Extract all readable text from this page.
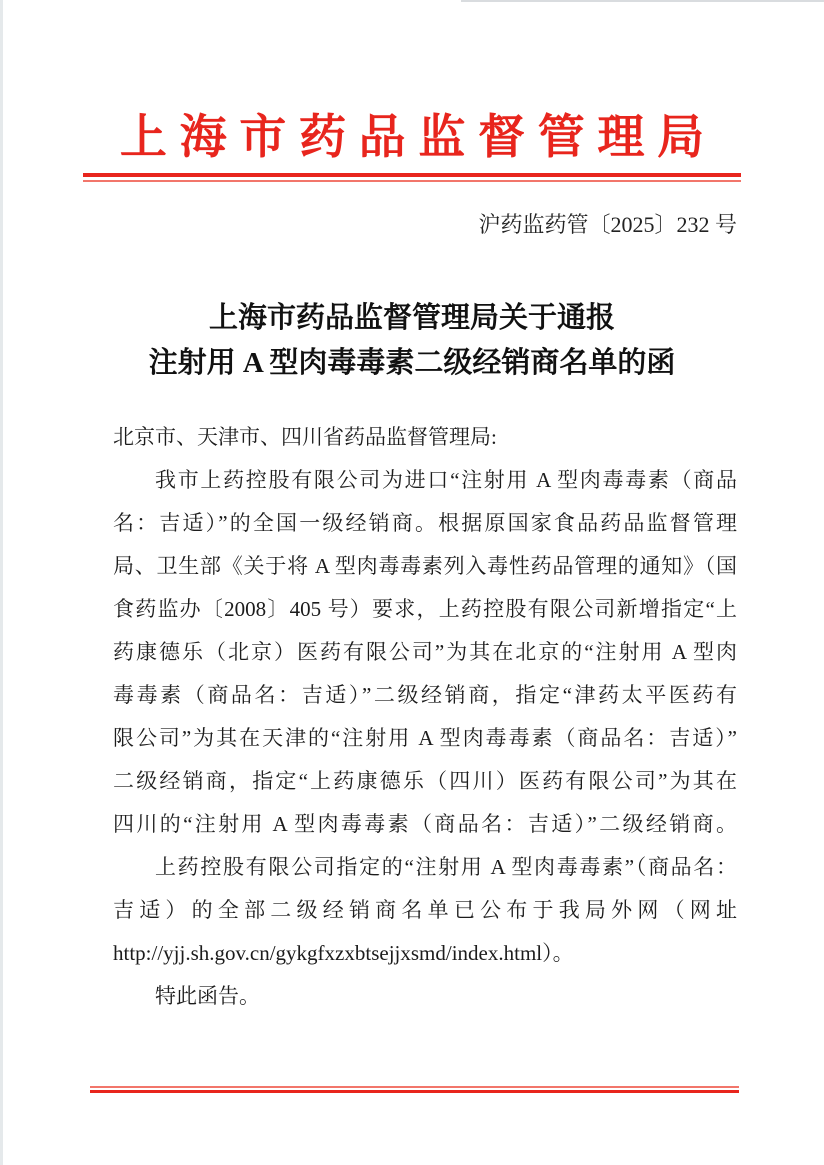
上海市药品监督管理局
沪药监药管〔2025〕232 号
上海市药品监督管理局关于通报
注射用 A 型肉毒毒素二级经销商名单的函
北京市、天津市、四川省药品监督管理局:
我市上药控股有限公司为进口“注射用 A 型肉毒毒素（商品
名：吉适）”的全国一级经销商。根据原国家食品药品监督管理
局、卫生部《关于将 A 型肉毒毒素列入毒性药品管理的通知》（国
食药监办〔2008〕405 号）要求，上药控股有限公司新增指定“上
药康德乐（北京）医药有限公司”为其在北京的“注射用 A 型肉
毒毒素（商品名：吉适）”二级经销商，指定“津药太平医药有
限公司”为其在天津的“注射用 A 型肉毒毒素（商品名：吉适）”
二级经销商，指定“上药康德乐（四川）医药有限公司”为其在
四川的“注射用 A 型肉毒毒素（商品名：吉适）”二级经销商。
上药控股有限公司指定的“注射用 A 型肉毒毒素”（商品名：
吉适）的全部二级经销商名单已公布于我局外网（网址
http://yjj.sh.gov.cn/gykgfxzxbtsejjxsmd/index.html）。
特此函告。
